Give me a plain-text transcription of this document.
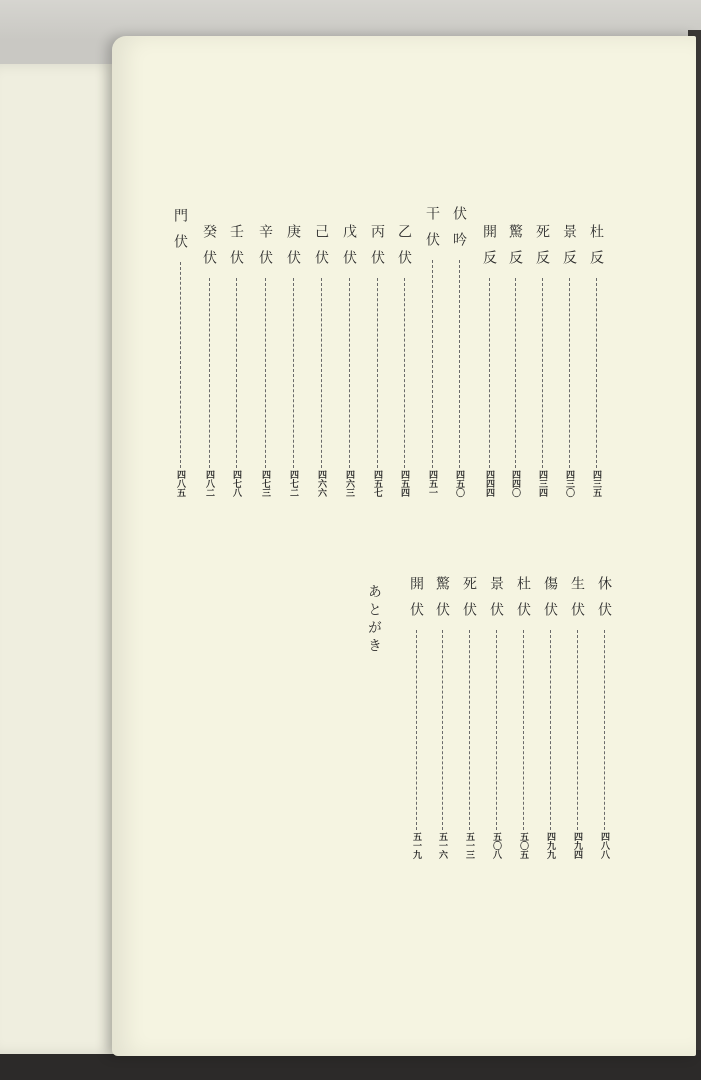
杜反
四三五
景反
四三〇
死反
四三四
驚反
四四〇
開反
四四四
伏吟
四五〇
干伏
四五一
乙伏
四五四
丙伏
四五七
戊伏
四六三
己伏
四六六
庚伏
四七二
辛伏
四七三
壬伏
四七八
癸伏
四八二
門伏
四八五
休伏
四八八
生伏
四九四
傷伏
四九九
杜伏
五〇五
景伏
五〇八
死伏
五一三
驚伏
五一六
開伏
五一九
あとがき
